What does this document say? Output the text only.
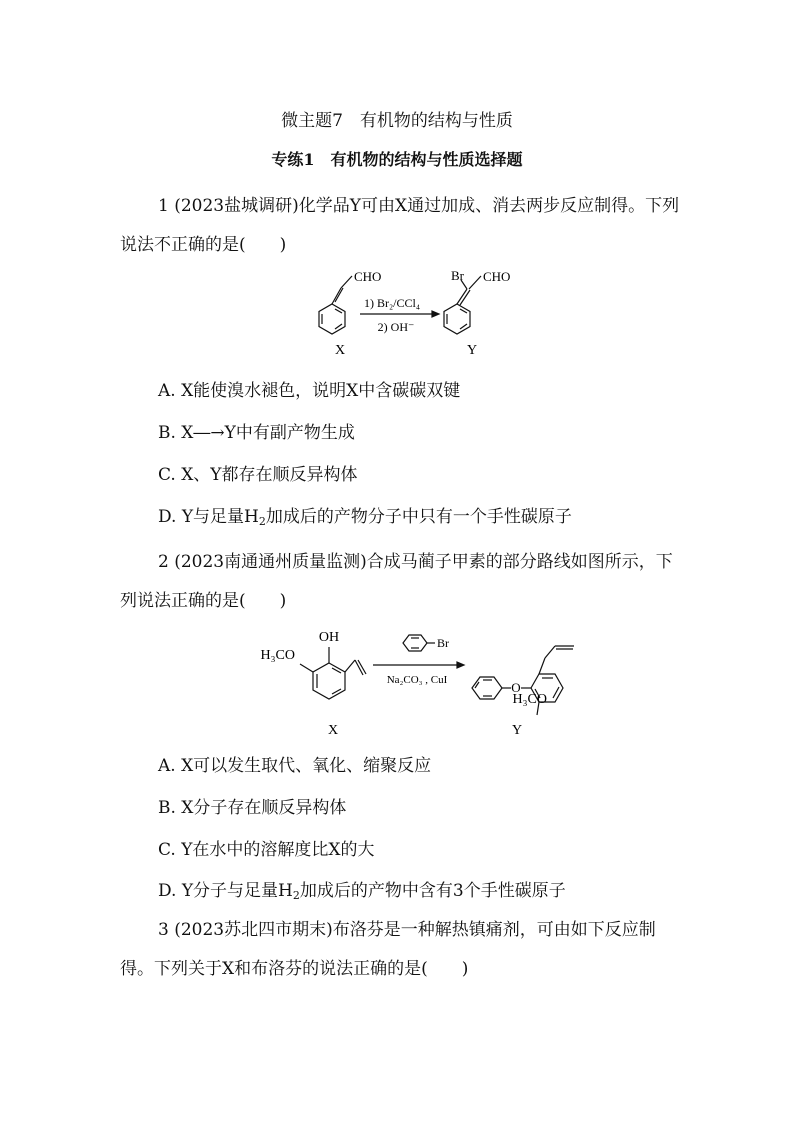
微主题7　有机物的结构与性质
专练1　有机物的结构与性质选择题
1 (2023盐城调研)化学品Y可由X通过加成、消去两步反应制得。下列说法不正确的是(　　)
CHO
1) Br₂/CCl₄
2) OH⁻
Br CHO
X	Y
A. X能使溴水褪色，说明X中含碳碳双键
B. X―→Y中有副产物生成
C. X、Y都存在顺反异构体
D. Y与足量$H_2$加成后的产物分子中只有一个手性碳原子
2 (2023南通通州质量监测)合成马蔺子甲素的部分路线如图所示，下列说法正确的是(　　)
OH
H₃CO
Br
Na₂CO₃ , CuI	O
H₃CO
X	Y
A. X可以发生取代、氧化、缩聚反应
B. X分子存在顺反异构体
C. Y在水中的溶解度比X的大
D. Y分子与足量$H_2$加成后的产物中含有3个手性碳原子
3 (2023苏北四市期末)布洛芬是一种解热镇痛剂，可由如下反应制得。下列关于X和布洛芬的说法正确的是(　　)
